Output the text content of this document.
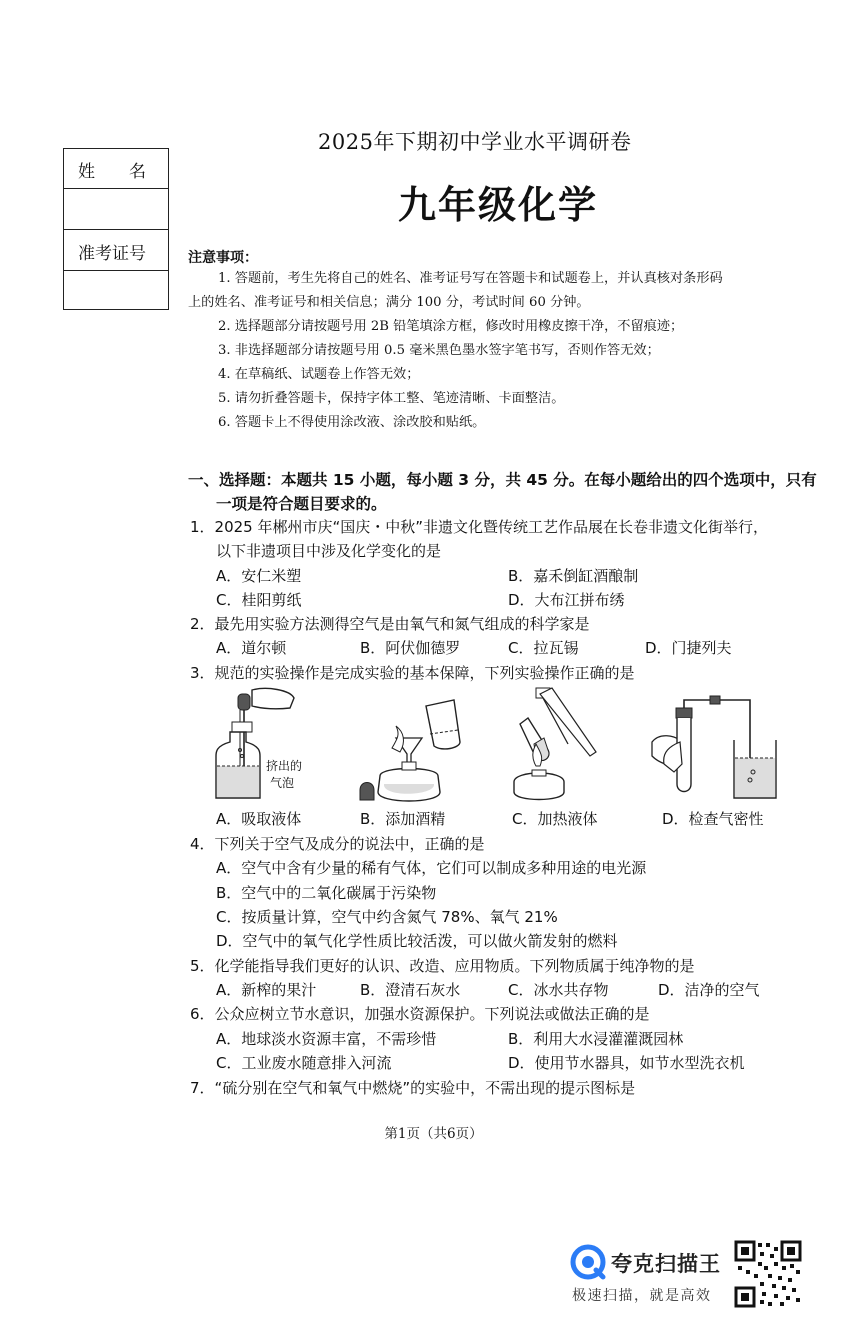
姓　　名
准考证号
2025年下期初中学业水平调研卷
九年级化学
注意事项：
1. 答题前，考生先将自己的姓名、准考证号写在答题卡和试题卷上，并认真核对条形码
上的姓名、准考证号和相关信息；满分 100 分，考试时间 60 分钟。
2. 选择题部分请按题号用 2B 铅笔填涂方框，修改时用橡皮擦干净，不留痕迹；
3. 非选择题部分请按题号用 0.5 毫米黑色墨水签字笔书写，否则作答无效；
4. 在草稿纸、试题卷上作答无效；
5. 请勿折叠答题卡，保持字体工整、笔迹清晰、卡面整洁。
6. 答题卡上不得使用涂改液、涂改胶和贴纸。
一、选择题：本题共 15 小题，每小题 3 分，共 45 分。在每小题给出的四个选项中，只有
一项是符合题目要求的。
1．2025 年郴州市庆“国庆・中秋”非遗文化暨传统工艺作品展在长卷非遗文化街举行，
以下非遗项目中涉及化学变化的是
A．安仁米塑	B．嘉禾倒缸酒酿制
C．桂阳剪纸	D．大布江拼布绣
2．最先用实验方法测得空气是由氧气和氮气组成的科学家是
A．道尔顿	B．阿伏伽德罗	C．拉瓦锡	D．门捷列夫
3．规范的实验操作是完成实验的基本保障，下列实验操作正确的是
挤出的
气泡
A．吸取液体	B．添加酒精	C．加热液体	D．检查气密性
4．下列关于空气及成分的说法中，正确的是
A．空气中含有少量的稀有气体，它们可以制成多种用途的电光源
B．空气中的二氧化碳属于污染物
C．按质量计算，空气中约含氮气 78%、氧气 21%
D．空气中的氧气化学性质比较活泼，可以做火箭发射的燃料
5．化学能指导我们更好的认识、改造、应用物质。下列物质属于纯净物的是
A．新榨的果汁	B．澄清石灰水	C．冰水共存物	D．洁净的空气
6．公众应树立节水意识，加强水资源保护。下列说法或做法正确的是
A．地球淡水资源丰富，不需珍惜	B．利用大水浸灌灌溉园林
C．工业废水随意排入河流	D．使用节水器具，如节水型洗衣机
7．“硫分别在空气和氧气中燃烧”的实验中，不需出现的提示图标是
第1页（共6页）
夸克扫描王
极速扫描，就是高效
